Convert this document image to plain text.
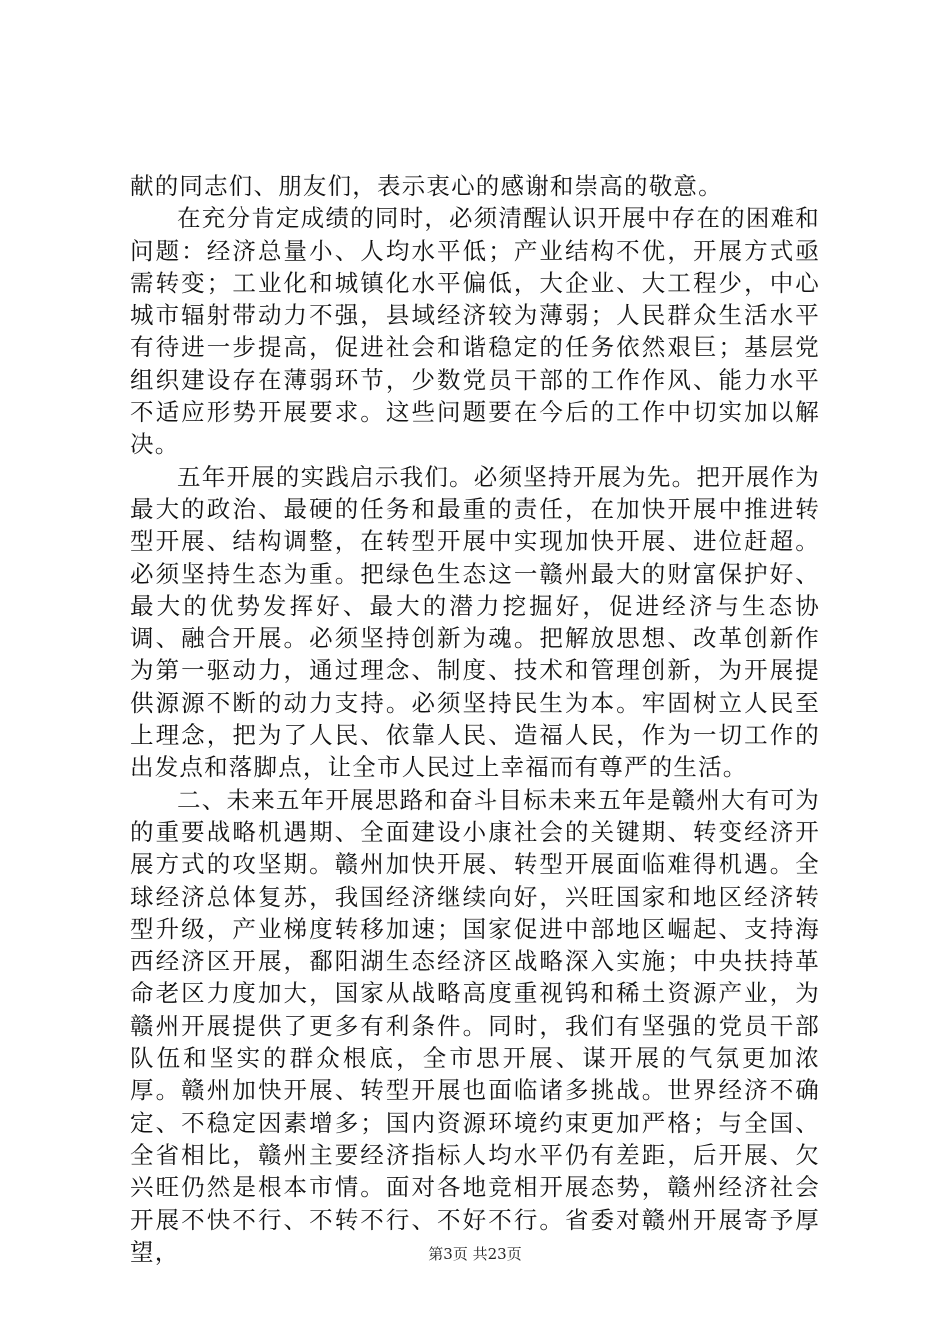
献的同志们、朋友们，表示衷心的感谢和崇高的敬意。

在充分肯定成绩的同时，必须清醒认识开展中存在的困难和问题：经济总量小、人均水平低；产业结构不优，开展方式亟需转变；工业化和城镇化水平偏低，大企业、大工程少，中心城市辐射带动力不强，县域经济较为薄弱；人民群众生活水平有待进一步提高，促进社会和谐稳定的任务依然艰巨；基层党组织建设存在薄弱环节，少数党员干部的工作作风、能力水平不适应形势开展要求。这些问题要在今后的工作中切实加以解决。

五年开展的实践启示我们。必须坚持开展为先。把开展作为最大的政治、最硬的任务和最重的责任，在加快开展中推进转型开展、结构调整，在转型开展中实现加快开展、进位赶超。必须坚持生态为重。把绿色生态这一赣州最大的财富保护好、最大的优势发挥好、最大的潜力挖掘好，促进经济与生态协调、融合开展。必须坚持创新为魂。把解放思想、改革创新作为第一驱动力，通过理念、制度、技术和管理创新，为开展提供源源不断的动力支持。必须坚持民生为本。牢固树立人民至上理念，把为了人民、依靠人民、造福人民，作为一切工作的出发点和落脚点，让全市人民过上幸福而有尊严的生活。

二、未来五年开展思路和奋斗目标未来五年是赣州大有可为的重要战略机遇期、全面建设小康社会的关键期、转变经济开展方式的攻坚期。赣州加快开展、转型开展面临难得机遇。全球经济总体复苏，我国经济继续向好，兴旺国家和地区经济转型升级，产业梯度转移加速；国家促进中部地区崛起、支持海西经济区开展，鄱阳湖生态经济区战略深入实施；中央扶持革命老区力度加大，国家从战略高度重视钨和稀土资源产业，为赣州开展提供了更多有利条件。同时，我们有坚强的党员干部队伍和坚实的群众根底，全市思开展、谋开展的气氛更加浓厚。赣州加快开展、转型开展也面临诸多挑战。世界经济不确定、不稳定因素增多；国内资源环境约束更加严格；与全国、全省相比，赣州主要经济指标人均水平仍有差距，后开展、欠兴旺仍然是根本市情。面对各地竞相开展态势，赣州经济社会开展不快不行、不转不行、不好不行。省委对赣州开展寄予厚望，	第3页 共23页
